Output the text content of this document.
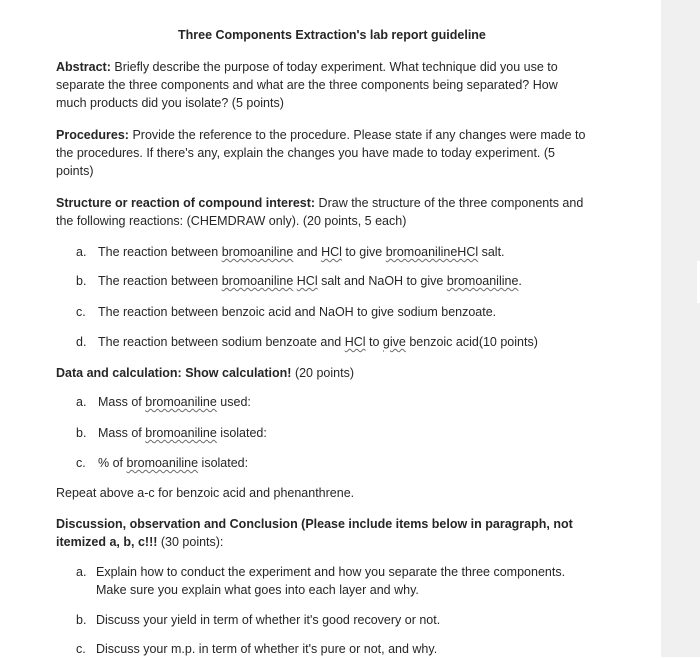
Three Components Extraction's lab report guideline
Abstract: Briefly describe the purpose of today experiment. What technique did you use to
separate the three components and what are the three components being separated? How
much products did you isolate? (5 points)
Procedures: Provide the reference to the procedure. Please state if any changes were made to
the procedures. If there's any, explain the changes you have made to today experiment. (5
points)
Structure or reaction of compound interest: Draw the structure of the three components and
the following reactions: (CHEMDRAW only). (20 points, 5 each)
a. The reaction between bromoaniline and HCl to give bromoanilineHCl salt.
b. The reaction between bromoaniline HCl salt and NaOH to give bromoaniline.
c. The reaction between benzoic acid and NaOH to give sodium benzoate.
d. The reaction between sodium benzoate and HCl to give benzoic acid(10 points)
Data and calculation: Show calculation! (20 points)
a. Mass of bromoaniline used:
b. Mass of bromoaniline isolated:
c. % of bromoaniline isolated:
Repeat above a-c for benzoic acid and phenanthrene.
Discussion, observation and Conclusion (Please include items below in paragraph, not
itemized a, b, c!!! (30 points):
a. Explain how to conduct the experiment and how you separate the three components.
Make sure you explain what goes into each layer and why.
b. Discuss your yield in term of whether it's good recovery or not.
c. Discuss your m.p. in term of whether it's pure or not, and why.
